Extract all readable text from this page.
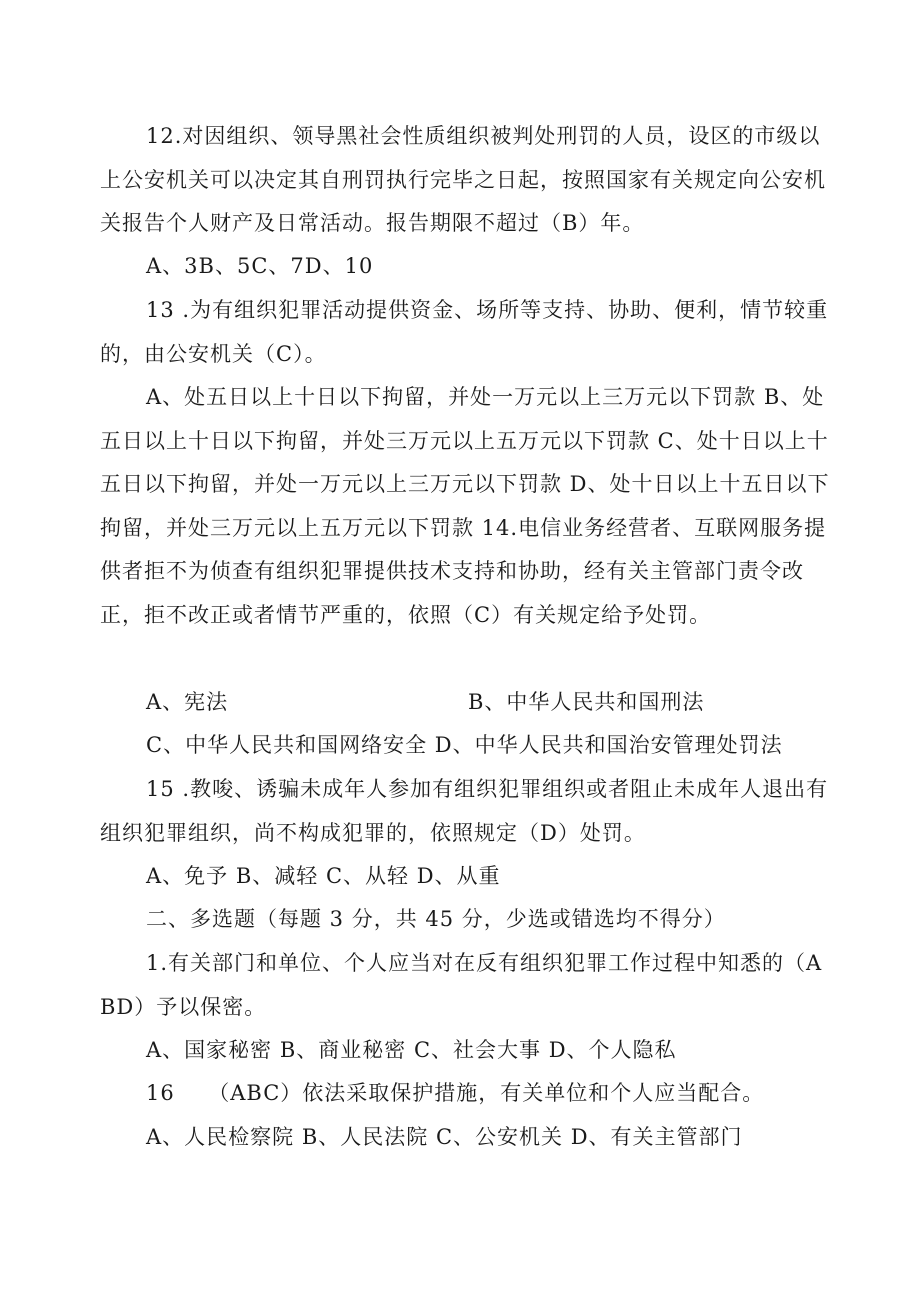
12.对因组织、领导黑社会性质组织被判处刑罚的人员，设区的市级以上公安机关可以决定其自刑罚执行完毕之日起，按照国家有关规定向公安机关报告个人财产及日常活动。报告期限不超过（B）年。

A、3B、5C、7D、10

13 .为有组织犯罪活动提供资金、场所等支持、协助、便利，情节较重的，由公安机关（C）。

A、处五日以上十日以下拘留，并处一万元以上三万元以下罚款 B、处五日以上十日以下拘留，并处三万元以上五万元以下罚款 C、处十日以上十五日以下拘留，并处一万元以上三万元以下罚款 D、处十日以上十五日以下拘留，并处三万元以上五万元以下罚款 14.电信业务经营者、互联网服务提供者拒不为侦查有组织犯罪提供技术支持和协助，经有关主管部门责令改正，拒不改正或者情节严重的，依照（C）有关规定给予处罚。

A、宪法	B、中华人民共和国刑法

C、中华人民共和国网络安全 D、中华人民共和国治安管理处罚法

15 .教唆、诱骗未成年人参加有组织犯罪组织或者阻止未成年人退出有组织犯罪组织，尚不构成犯罪的，依照规定（D）处罚。

A、免予 B、减轻 C、从轻 D、从重

二、多选题（每题 3 分，共 45 分，少选或错选均不得分）

1.有关部门和单位、个人应当对在反有组织犯罪工作过程中知悉的（ABD）予以保密。

A、国家秘密 B、商业秘密 C、社会大事 D、个人隐私

16　　（ABC）依法采取保护措施，有关单位和个人应当配合。

A、人民检察院 B、人民法院 C、公安机关 D、有关主管部门
